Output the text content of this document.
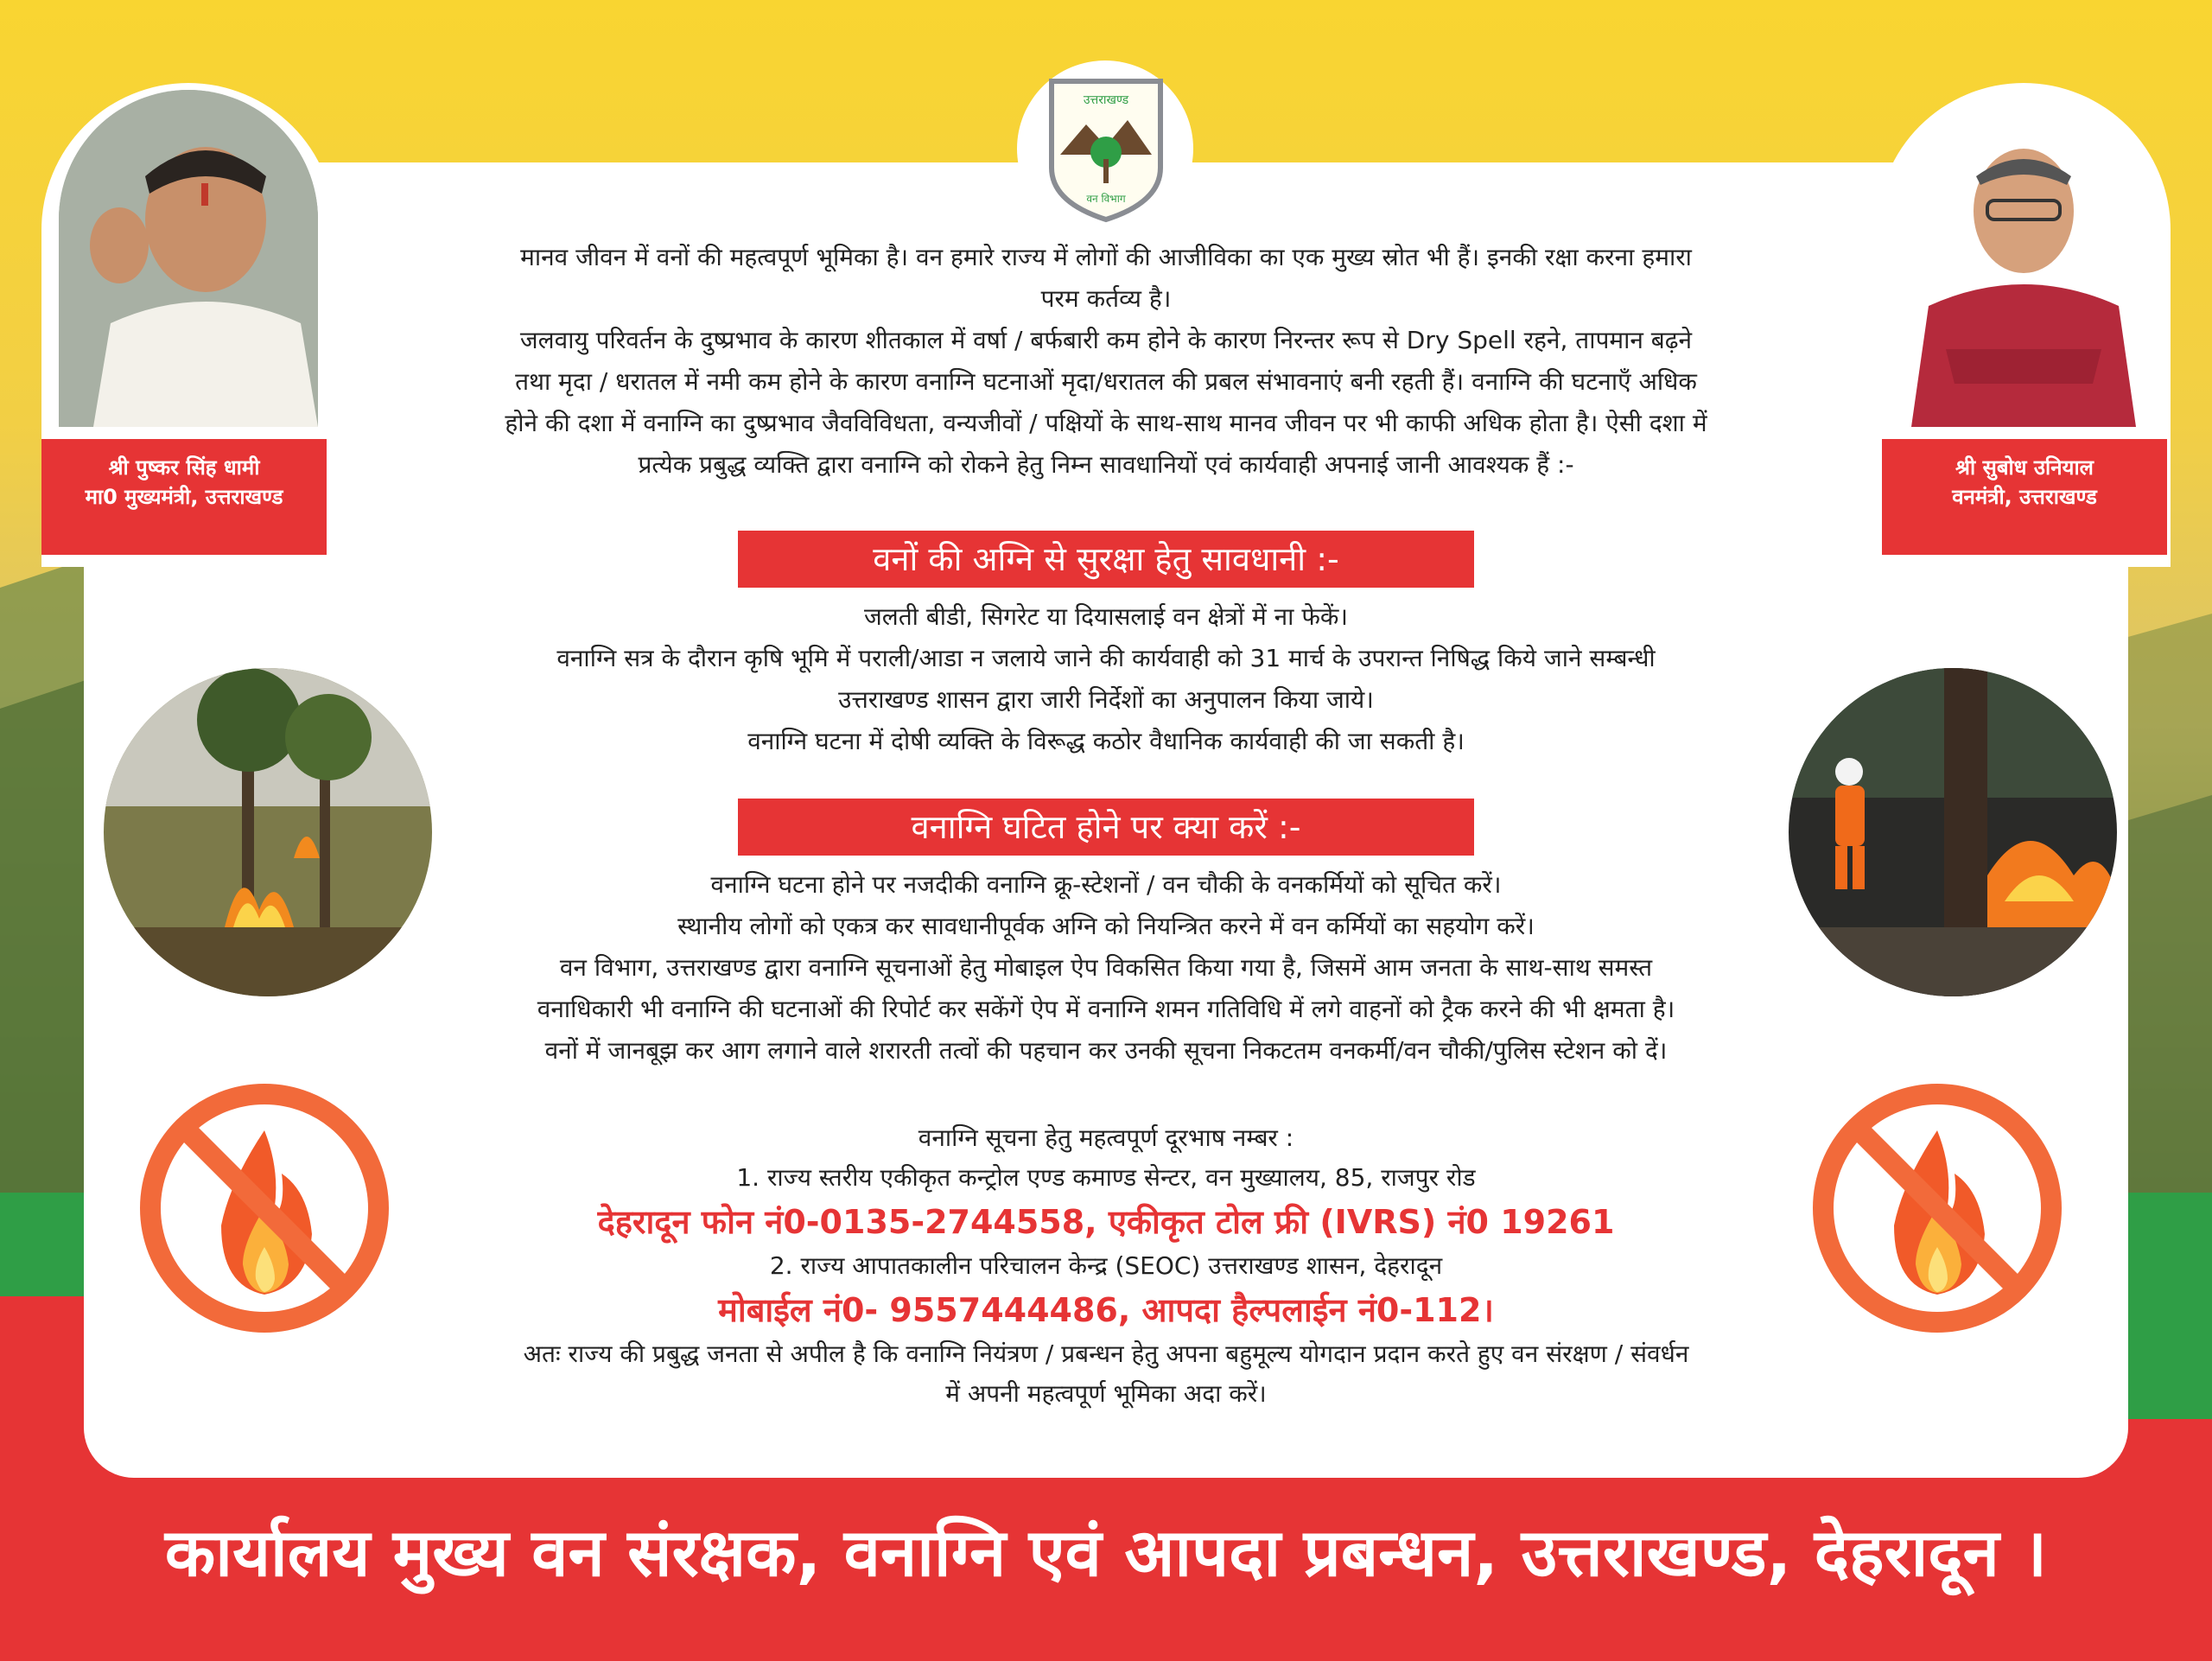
श्री पुष्कर सिंह धामी
मा0 मुख्यमंत्री, उत्तराखण्ड
श्री सुबोध उनियाल
वनमंत्री, उत्तराखण्ड
उत्तराखण्ड
वन विभाग

मानव जीवन में वनों की महत्वपूर्ण भूमिका है। वन हमारे राज्य में लोगों की आजीविका का एक मुख्य स्रोत भी हैं। इनकी रक्षा करना हमारा

परम कर्तव्य है।

जलवायु परिवर्तन के दुष्प्रभाव के कारण शीतकाल में वर्षा / बर्फबारी कम होने के कारण निरन्तर रूप से Dry Spell रहने, तापमान बढ़ने

तथा मृदा / धरातल में नमी कम होने के कारण वनाग्नि घटनाओं मृदा/धरातल की प्रबल संभावनाएं बनी रहती हैं। वनाग्नि की घटनाएँ अधिक

होने की दशा में वनाग्नि का दुष्प्रभाव जैवविविधता, वन्यजीवों / पक्षियों के साथ-साथ मानव जीवन पर भी काफी अधिक होता है। ऐसी दशा में

प्रत्येक प्रबुद्ध व्यक्ति द्वारा वनाग्नि को रोकने हेतु निम्न सावधानियों एवं कार्यवाही अपनाई जानी आवश्यक हैं :-

वनों की अग्नि से सुरक्षा हेतु सावधानी :-

जलती बीडी, सिगरेट या दियासलाई वन क्षेत्रों में ना फेकें।

वनाग्नि सत्र के दौरान कृषि भूमि में पराली/आडा न जलाये जाने की कार्यवाही को 31 मार्च के उपरान्त निषिद्ध किये जाने सम्बन्धी

उत्तराखण्ड शासन द्वारा जारी निर्देशों का अनुपालन किया जाये।

वनाग्नि घटना में दोषी व्यक्ति के विरूद्ध कठोर वैधानिक कार्यवाही की जा सकती है।

वनाग्नि घटित होने पर क्या करें :-

वनाग्नि घटना होने पर नजदीकी वनाग्नि क्रू-स्टेशनों / वन चौकी के वनकर्मियों को सूचित करें।

स्थानीय लोगों को एकत्र कर सावधानीपूर्वक अग्नि को नियन्त्रित करने में वन कर्मियों का सहयोग करें।

वन विभाग, उत्तराखण्ड द्वारा वनाग्नि सूचनाओं हेतु मोबाइल ऐप विकसित किया गया है, जिसमें आम जनता के साथ-साथ समस्त

वनाधिकारी भी वनाग्नि की घटनाओं की रिपोर्ट कर सकेंगें ऐप में वनाग्नि शमन गतिविधि में लगे वाहनों को ट्रैक करने की भी क्षमता है।

वनों में जानबूझ कर आग लगाने वाले शरारती तत्वों की पहचान कर उनकी सूचना निकटतम वनकर्मी/वन चौकी/पुलिस स्टेशन को दें।

वनाग्नि सूचना हेतु महत्वपूर्ण दूरभाष नम्बर :

1. राज्य स्तरीय एकीकृत कन्ट्रोल एण्ड कमाण्ड सेन्टर, वन मुख्यालय, 85, राजपुर रोड

देहरादून फोन नं0-0135-2744558, एकीकृत टोल फ्री (IVRS) नं0 19261

2. राज्य आपातकालीन परिचालन केन्द्र (SEOC) उत्तराखण्ड शासन, देहरादून

मोबाईल नं0- 9557444486, आपदा हैल्पलाईन नं0-112।

अतः राज्य की प्रबुद्ध जनता से अपील है कि वनाग्नि नियंत्रण / प्रबन्धन हेतु अपना बहुमूल्य योगदान प्रदान करते हुए वन संरक्षण / संवर्धन

में अपनी महत्वपूर्ण भूमिका अदा करें।

कार्यालय मुख्य वन संरक्षक, वनाग्नि एवं आपदा प्रबन्धन, उत्तराखण्ड, देहरादून ।
